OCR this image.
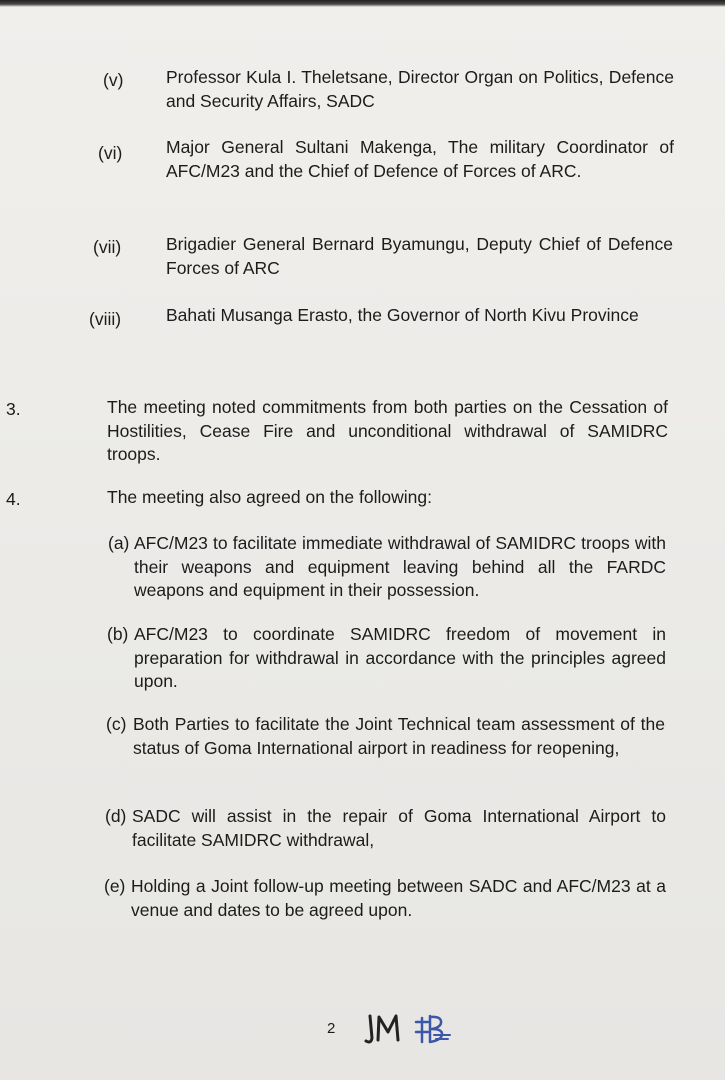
(v) Professor Kula I. Theletsane, Director Organ on Politics, Defence and Security Affairs, SADC
(vi) Major General Sultani Makenga, The military Coordinator of AFC/M23 and the Chief of Defence of Forces of ARC.
(vii)	Brigadier General Bernard Byamungu, Deputy Chief of Defence Forces of ARC
(viii)	Bahati Musanga Erasto, the Governor of North Kivu Province
3.	The meeting noted commitments from both parties on the Cessation of Hostilities, Cease Fire and unconditional withdrawal of SAMIDRC troops.
4.	The meeting also agreed on the following:
(a) AFC/M23 to facilitate immediate withdrawal of SAMIDRC troops with their weapons and equipment leaving behind all the FARDC weapons and equipment in their possession.
(b) AFC/M23 to coordinate SAMIDRC freedom of movement in preparation for withdrawal in accordance with the principles agreed upon.
(c) Both Parties to facilitate the Joint Technical team assessment of the status of Goma International airport in readiness for reopening,
(d) SADC will assist in the repair of Goma International Airport to facilitate SAMIDRC withdrawal,
(e) Holding a Joint follow-up meeting between SADC and AFC/M23 at a venue and dates to be agreed upon.
2
